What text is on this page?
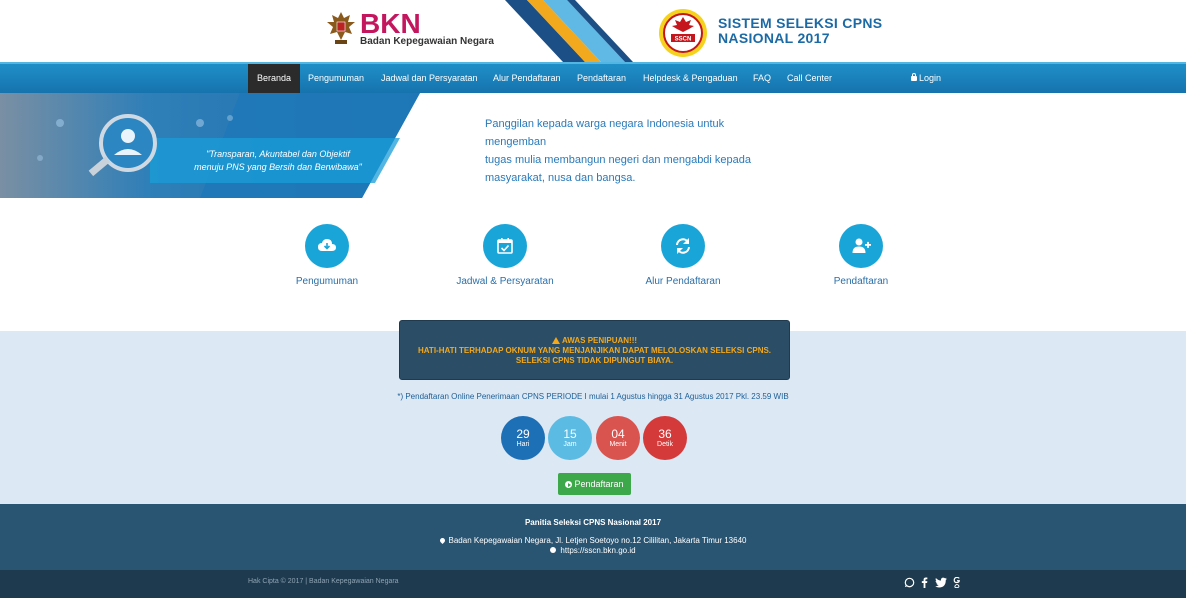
BKN
Badan Kepegawaian Negara	SSCN
SISTEM SELEKSI CPNS
NASIONAL 2017
Beranda	Pengumuman Jadwal dan Persyaratan Alur Pendaftaran Pendaftaran Helpdesk & Pengaduan FAQ Call Center	Login
"Transparan, Akuntabel dan Objektif
menuju PNS yang Bersih dan Berwibawa"
Panggilan kepada warga negara Indonesia untuk mengemban
tugas mulia membangun negeri dan mengabdi kepada
masyarakat, nusa dan bangsa.
Pengumuman	Jadwal & Persyaratan	Alur Pendaftaran	Pendaftaran
AWAS PENIPUAN!!!
HATI-HATI TERHADAP OKNUM YANG MENJANJIKAN DAPAT MELOLOSKAN SELEKSI CPNS.
SELEKSI CPNS TIDAK DIPUNGUT BIAYA.
*) Pendaftaran Online Penerimaan CPNS PERIODE I mulai 1 Agustus hingga 31 Agustus 2017 Pkl. 23.59 WIB
29
Hari
15
Jam
04
Menit
36
Detik
Pendaftaran
Panitia Seleksi CPNS Nasional 2017
Badan Kepegawaian Negara, Jl. Letjen Soetoyo no.12 Cililitan, Jakarta Timur 13640
https://sscn.bkn.go.id
Hak Cipta © 2017 | Badan Kepegawaian Negara
